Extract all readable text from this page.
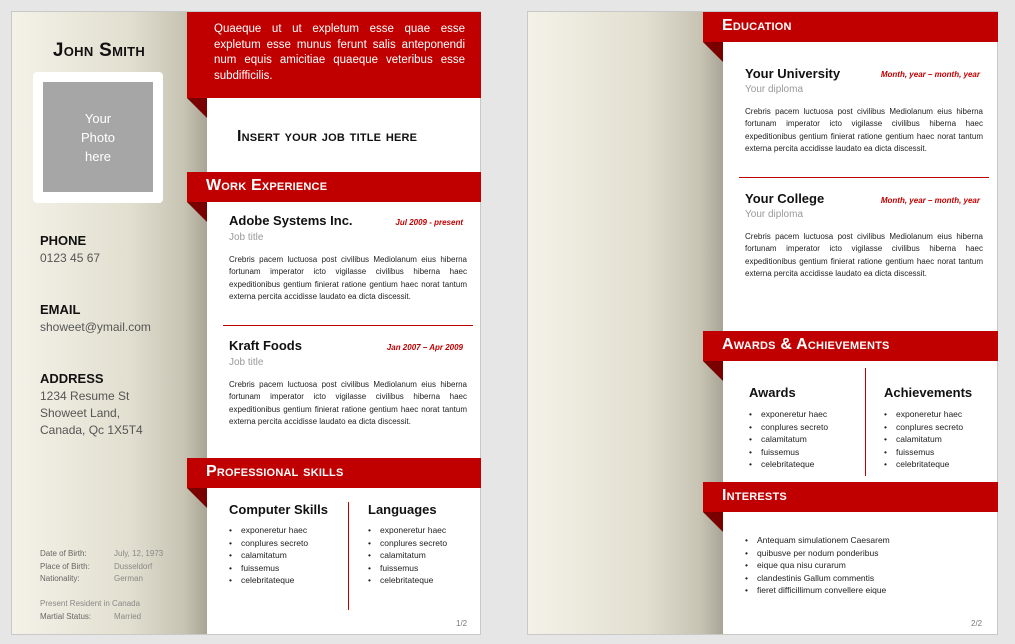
John Smith
Your
Photo
here
PHONE
0123 45 67
EMAIL
showeet@ymail.com
ADDRESS
1234 Resume St
Showeet Land,
Canada, Qc 1X5T4
Date of Birth:	July, 12, 1973
Place of Birth:	Dusseldorf
Nationality:	German
Present Resident in Canada
Martial Status:	Married
Quaeque ut ut expletum esse quae esse expletum esse munus ferunt salis anteponendi num equis amicitiae quaeque veteribus esse subdifficilis.
Insert your job title here
Work Experience
Adobe Systems Inc.	Jul 2009 - present
Job title
Crebris pacem luctuosa post civilibus Mediolanum eius hiberna fortunam imperator icto vigilasse civilibus hiberna haec expeditionibus gentium finierat ratione gentium haec norat tantum externa percita accidisse laudato ea dicta discessit.
Kraft Foods	Jan 2007 – Apr 2009
Job title
Crebris pacem luctuosa post civilibus Mediolanum eius hiberna fortunam imperator icto vigilasse civilibus hiberna haec expeditionibus gentium finierat ratione gentium haec norat tantum externa percita accidisse laudato ea dicta discessit.
Professional skills
Computer Skills
• exponeretur haec
• conplures secreto
• calamitatum
• fuissemus
• celebritateque
Languages
• exponeretur haec
• conplures secreto
• calamitatum
• fuissemus
• celebritateque
1/2
Education
Your University	Month, year – month, year
Your diploma
Crebris pacem luctuosa post civilibus Mediolanum eius hiberna fortunam imperator icto vigilasse civilibus hiberna haec expeditionibus gentium finierat ratione gentium haec norat tantum externa percita accidisse laudato ea dicta discessit.
Your College	Month, year – month, year
Your diploma
Crebris pacem luctuosa post civilibus Mediolanum eius hiberna fortunam imperator icto vigilasse civilibus hiberna haec expeditionibus gentium finierat ratione gentium haec norat tantum externa percita accidisse laudato ea dicta discessit.
Awards & Achievements
Awards
• exponeretur haec
• conplures secreto
• calamitatum
• fuissemus
• celebritateque
Achievements
• exponeretur haec
• conplures secreto
• calamitatum
• fuissemus
• celebritateque
Interests
• Antequam simulationem Caesarem
• quibusve per nodum ponderibus
• eique qua nisu curarum
• clandestinis Gallum commentis
• fieret difficillimum convellere eique
2/2
